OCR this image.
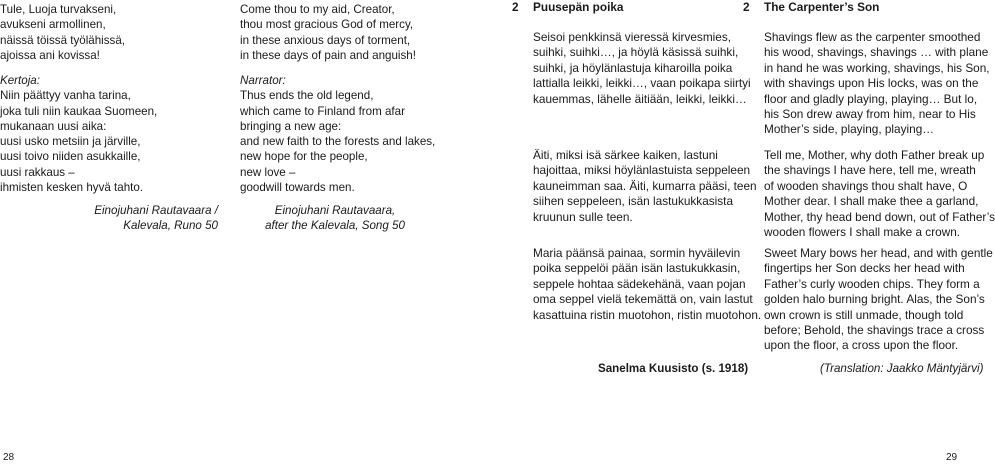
Tule, Luoja turvakseni,
avukseni armollinen,
näissä töissä työlähissä,
ajoissa ani kovissa!
Kertoja:
Niin päättyy vanha tarina,
joka tuli niin kaukaa Suomeen,
mukanaan uusi aika:
uusi usko metsiin ja järville,
uusi toivo niiden asukkaille,
uusi rakkaus –
ihmisten kesken hyvä tahto.
Einojuhani Rautavaara /
Kalevala, Runo 50
Come thou to my aid, Creator,
thou most gracious God of mercy,
in these anxious days of torment,
in these days of pain and anguish!
Narrator:
Thus ends the old legend,
which came to Finland from afar
bringing a new age:
and new faith to the forests and lakes,
new hope for the people,
new love –
goodwill towards men.
Einojuhani Rautavaara,
after the Kalevala, Song 50
28
2 Puusepän poika
Seisoi penkkinsä vieressä kirvesmies,
suihki, suihki…, ja höylä käsissä suihki,
suihki, ja höylänlastuja kiharoilla poika
lattialla leikki, leikki…, vaan poikapa siirtyi
kauemmas, lähelle äitiään, leikki, leikki…
Äiti, miksi isä särkee kaiken, lastuni
hajoittaa, miksi höylänlastuista seppeleen
kauneimman saa. Äiti, kumarra pääsi, teen
siihen seppeleen, isän lastukukkasista
kruunun sulle teen.
Maria päänsä painaa, sormin hyväilevin
poika seppelöi pään isän lastukukkasin,
seppele hohtaa sädekehänä, vaan pojan
oma seppel vielä tekemättä on, vain lastut
kasattuina ristin muotohon, ristin muotohon.
Sanelma Kuusisto (s. 1918)
2 The Carpenter’s Son
Shavings flew as the carpenter smoothed
his wood, shavings, shavings … with plane
in hand he was working, shavings, his Son,
with shavings upon His locks, was on the
floor and gladly playing, playing… But lo,
his Son drew away from him, near to His
Mother’s side, playing, playing…
Tell me, Mother, why doth Father break up
the shavings I have here, tell me, wreath
of wooden shavings thou shalt have, O
Mother dear. I shall make thee a garland,
Mother, thy head bend down, out of Father’s
wooden flowers I shall make a crown.
Sweet Mary bows her head, and with gentle
fingertips her Son decks her head with
Father’s curly wooden chips. They form a
golden halo burning bright. Alas, the Son’s
own crown is still unmade, though told
before; Behold, the shavings trace a cross
upon the floor, a cross upon the floor.
(Translation: Jaakko Mäntyjärvi)
29
